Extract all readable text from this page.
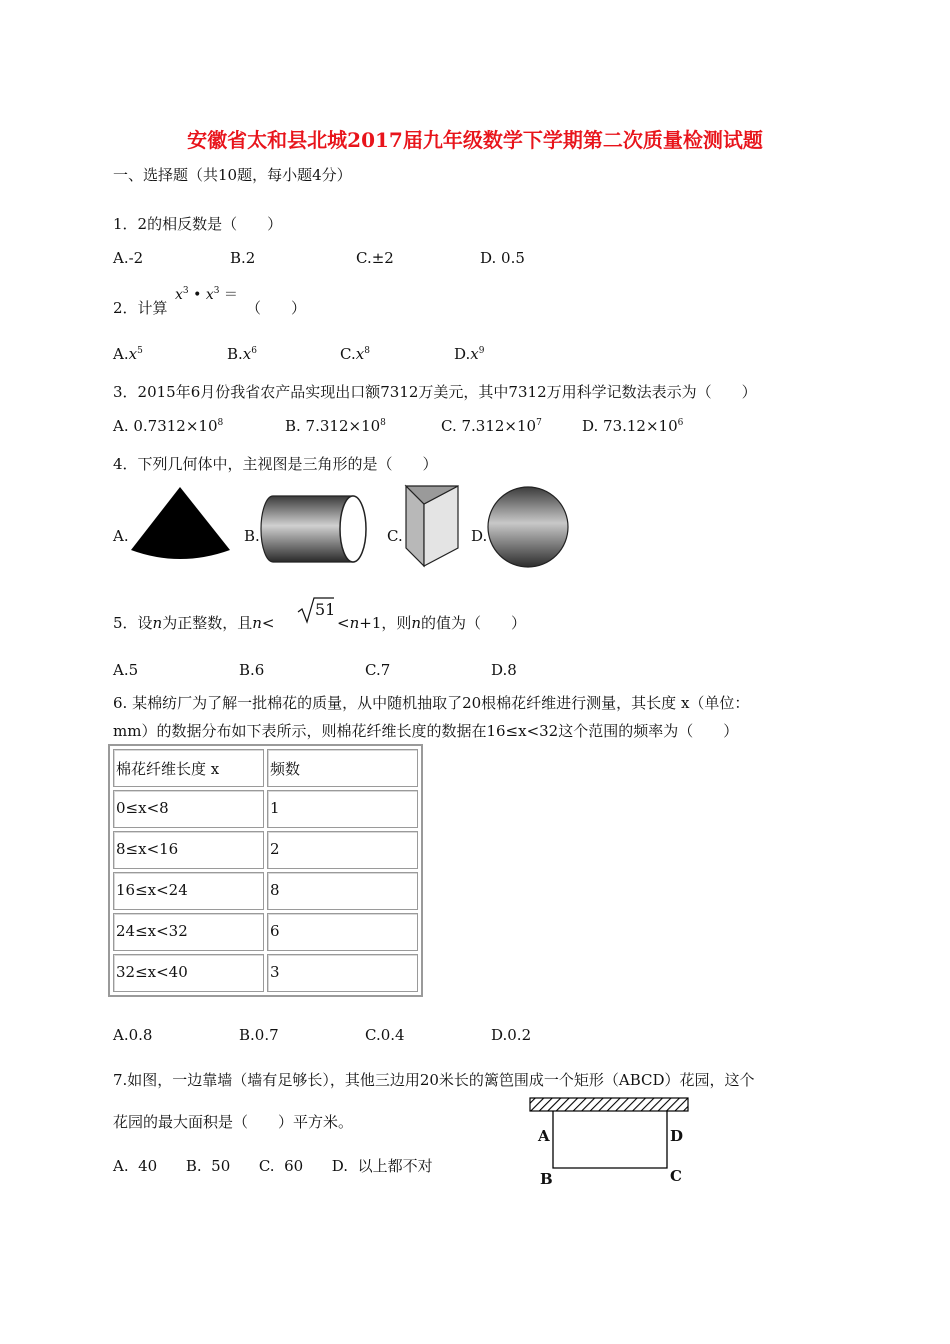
安徽省太和县北城2017届九年级数学下学期第二次质量检测试题
一、选择题（共10题，每小题4分）
1．2的相反数是（　　）
A.-2	B.2	C.±2	D. 0.5
2．计算
$x^3$ • $x^3$ ＝
（　　）
$A.x^5$	$B.x^6$	$C.x^8$	$D.x^9$
3．2015年6月份我省农产品实现出口额7312万美元，其中7312万用科学记数法表示为（　　）
A. $0.7312\times 10^8$	B. $7.312\times 10^8$	C. $7.312\times 10^7$	D. $73.12\times 10^6$
4．下列几何体中，主视图是三角形的是（　　）
A.	B.	C.	D.
5．设n为正整数，且n<
51
<n+1，则n的值为（　　）
A.5	B.6	C.7	D.8
6. 某棉纺厂为了解一批棉花的质量，从中随机抽取了20根棉花纤维进行测量，其长度 x（单位：
mm）的数据分布如下表所示，则棉花纤维长度的数据在16≤x<32这个范围的频率为（　　）
棉花纤维长度 x	频数
0≤x<8	1
8≤x<16	2
16≤x<24	8
24≤x<32	6
32≤x<40	3
A.0.8	B.0.7	C.0.4	D.0.2
7.如图，一边靠墙（墙有足够长），其他三边用20米长的篱笆围成一个矩形（ABCD）花园，这个
花园的最大面积是（　　）平方米。
A.  40      B.  50      C.  60      D.  以上都不对
A	D
B	C
